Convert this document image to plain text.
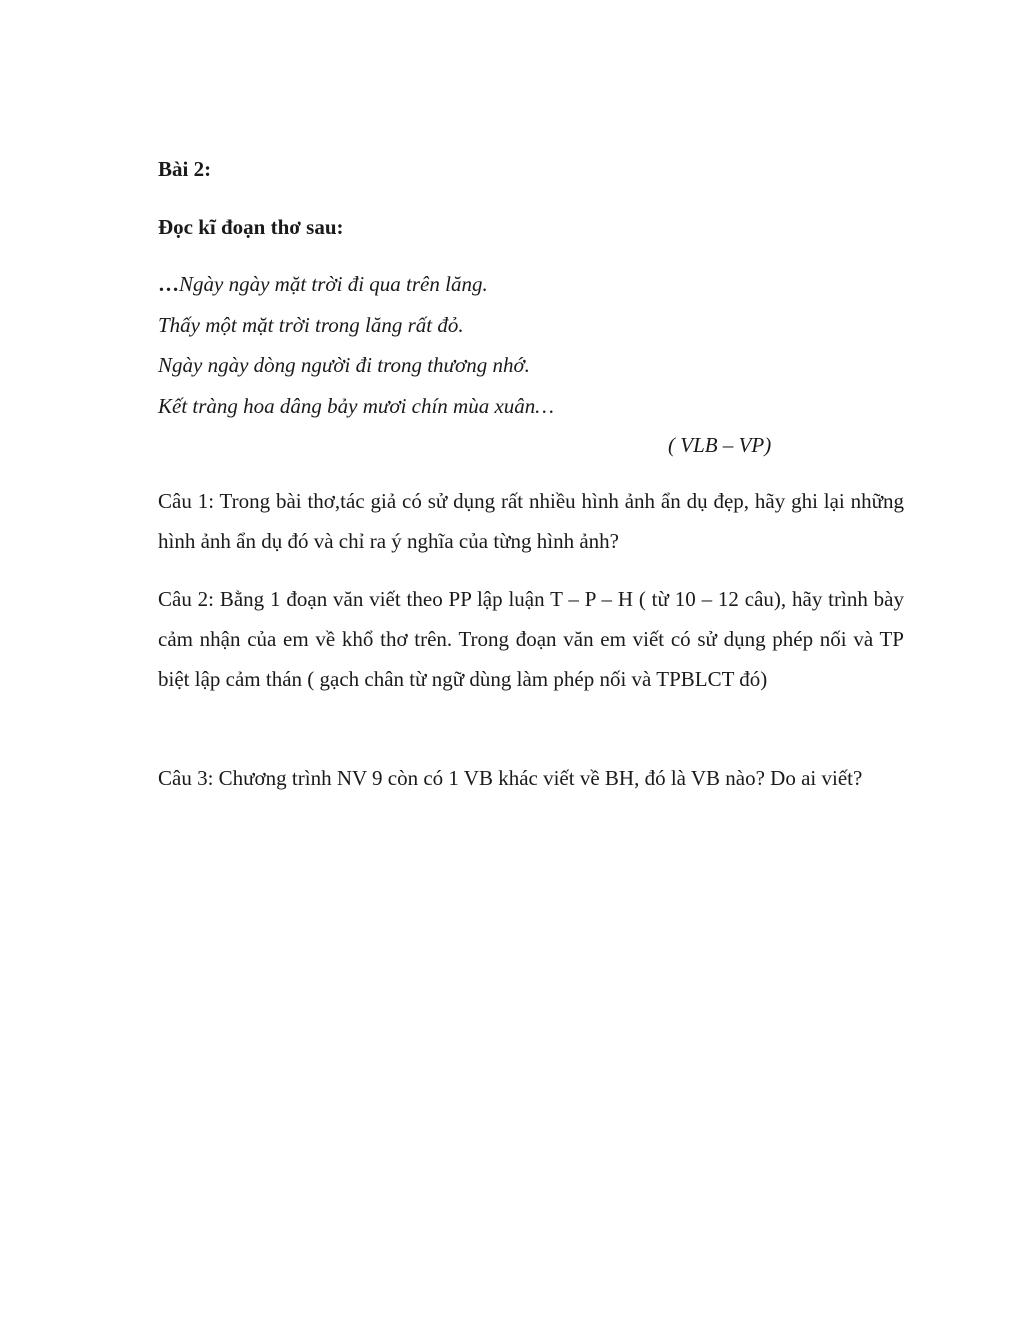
Bài 2:
Đọc kĩ đoạn thơ sau:
…Ngày ngày mặt trời đi qua trên lăng.
Thấy một mặt trời trong lăng rất đỏ.
Ngày ngày dòng người đi trong thương nhớ.
Kết tràng hoa dâng bảy mươi chín mùa xuân…
( VLB – VP)
Câu 1: Trong bài thơ,tác giả có sử dụng rất nhiều hình ảnh ẩn dụ đẹp, hãy ghi lại những hình ảnh ẩn dụ đó và chỉ ra ý nghĩa của từng hình ảnh?
Câu 2: Bằng 1 đoạn văn viết theo PP lập luận T – P – H ( từ 10 – 12 câu), hãy trình bày cảm nhận của em về khổ thơ trên. Trong đoạn văn em viết có sử dụng phép nối và TP biệt lập cảm thán ( gạch chân từ ngữ dùng làm phép nối và TPBLCT đó)
Câu 3: Chương trình NV 9 còn có 1 VB khác viết về BH, đó là VB nào? Do ai viết?
